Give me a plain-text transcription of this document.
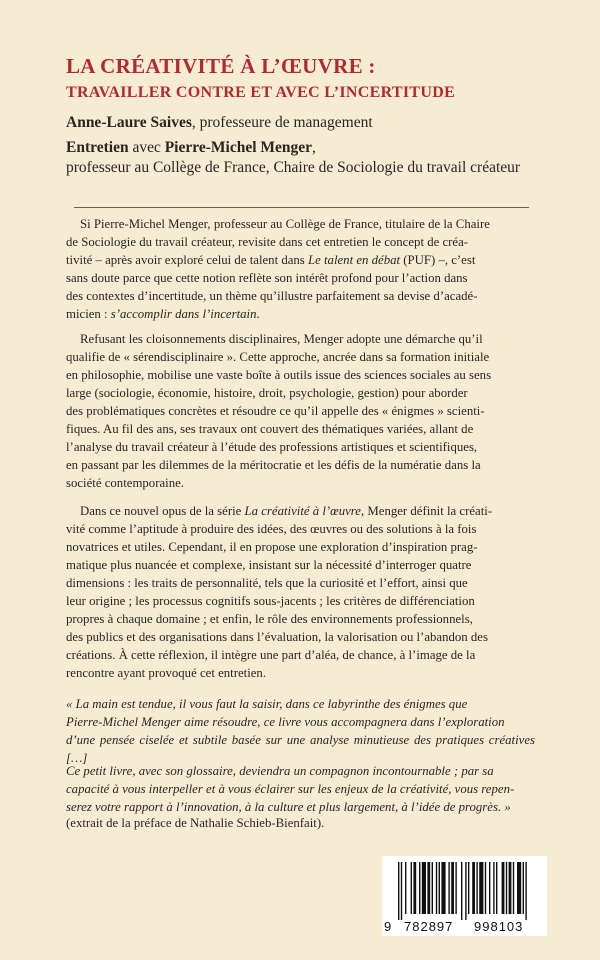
LA CRÉATIVITÉ À L’ŒUVRE :
TRAVAILLER CONTRE ET AVEC L’INCERTITUDE
Anne-Laure Saives, professeure de management
Entretien avec Pierre-Michel Menger,
professeur au Collège de France, Chaire de Sociologie du travail créateur
Si Pierre-Michel Menger, professeur au Collège de France, titulaire de la Chaire
de Sociologie du travail créateur, revisite dans cet entretien le concept de créa-
tivité – après avoir exploré celui de talent dans Le talent en débat (PUF) –, c’est
sans doute parce que cette notion reflète son intérêt profond pour l’action dans
des contextes d’incertitude, un thème qu’illustre parfaitement sa devise d’acadé-
micien : s’accomplir dans l’incertain.
Refusant les cloisonnements disciplinaires, Menger adopte une démarche qu’il
qualifie de « sérendisciplinaire ». Cette approche, ancrée dans sa formation initiale
en philosophie, mobilise une vaste boîte à outils issue des sciences sociales au sens
large (sociologie, économie, histoire, droit, psychologie, gestion) pour aborder
des problématiques concrètes et résoudre ce qu’il appelle des « énigmes » scienti-
fiques. Au fil des ans, ses travaux ont couvert des thématiques variées, allant de
l’analyse du travail créateur à l’étude des professions artistiques et scientifiques,
en passant par les dilemmes de la méritocratie et les défis de la numératie dans la
société contemporaine.
Dans ce nouvel opus de la série La créativité à l’œuvre, Menger définit la créati-
vité comme l’aptitude à produire des idées, des œuvres ou des solutions à la fois
novatrices et utiles. Cependant, il en propose une exploration d’inspiration prag-
matique plus nuancée et complexe, insistant sur la nécessité d’interroger quatre
dimensions : les traits de personnalité, tels que la curiosité et l’effort, ainsi que
leur origine ; les processus cognitifs sous-jacents ; les critères de différenciation
propres à chaque domaine ; et enfin, le rôle des environnements professionnels,
des publics et des organisations dans l’évaluation, la valorisation ou l’abandon des
créations. À cette réflexion, il intègre une part d’aléa, de chance, à l’image de la
rencontre ayant provoqué cet entretien.
« La main est tendue, il vous faut la saisir, dans ce labyrinthe des énigmes que
Pierre-Michel Menger aime résoudre, ce livre vous accompagnera dans l’exploration
d’une pensée ciselée et subtile basée sur une analyse minutieuse des pratiques créatives […]
Ce petit livre, avec son glossaire, deviendra un compagnon incontournable ; par sa
capacité à vous interpeller et à vous éclairer sur les enjeux de la créativité, vous repen-
serez votre rapport à l’innovation, à la culture et plus largement, à l’idée de progrès. »
(extrait de la préface de Nathalie Schieb-Bienfait).
9 782897 998103
